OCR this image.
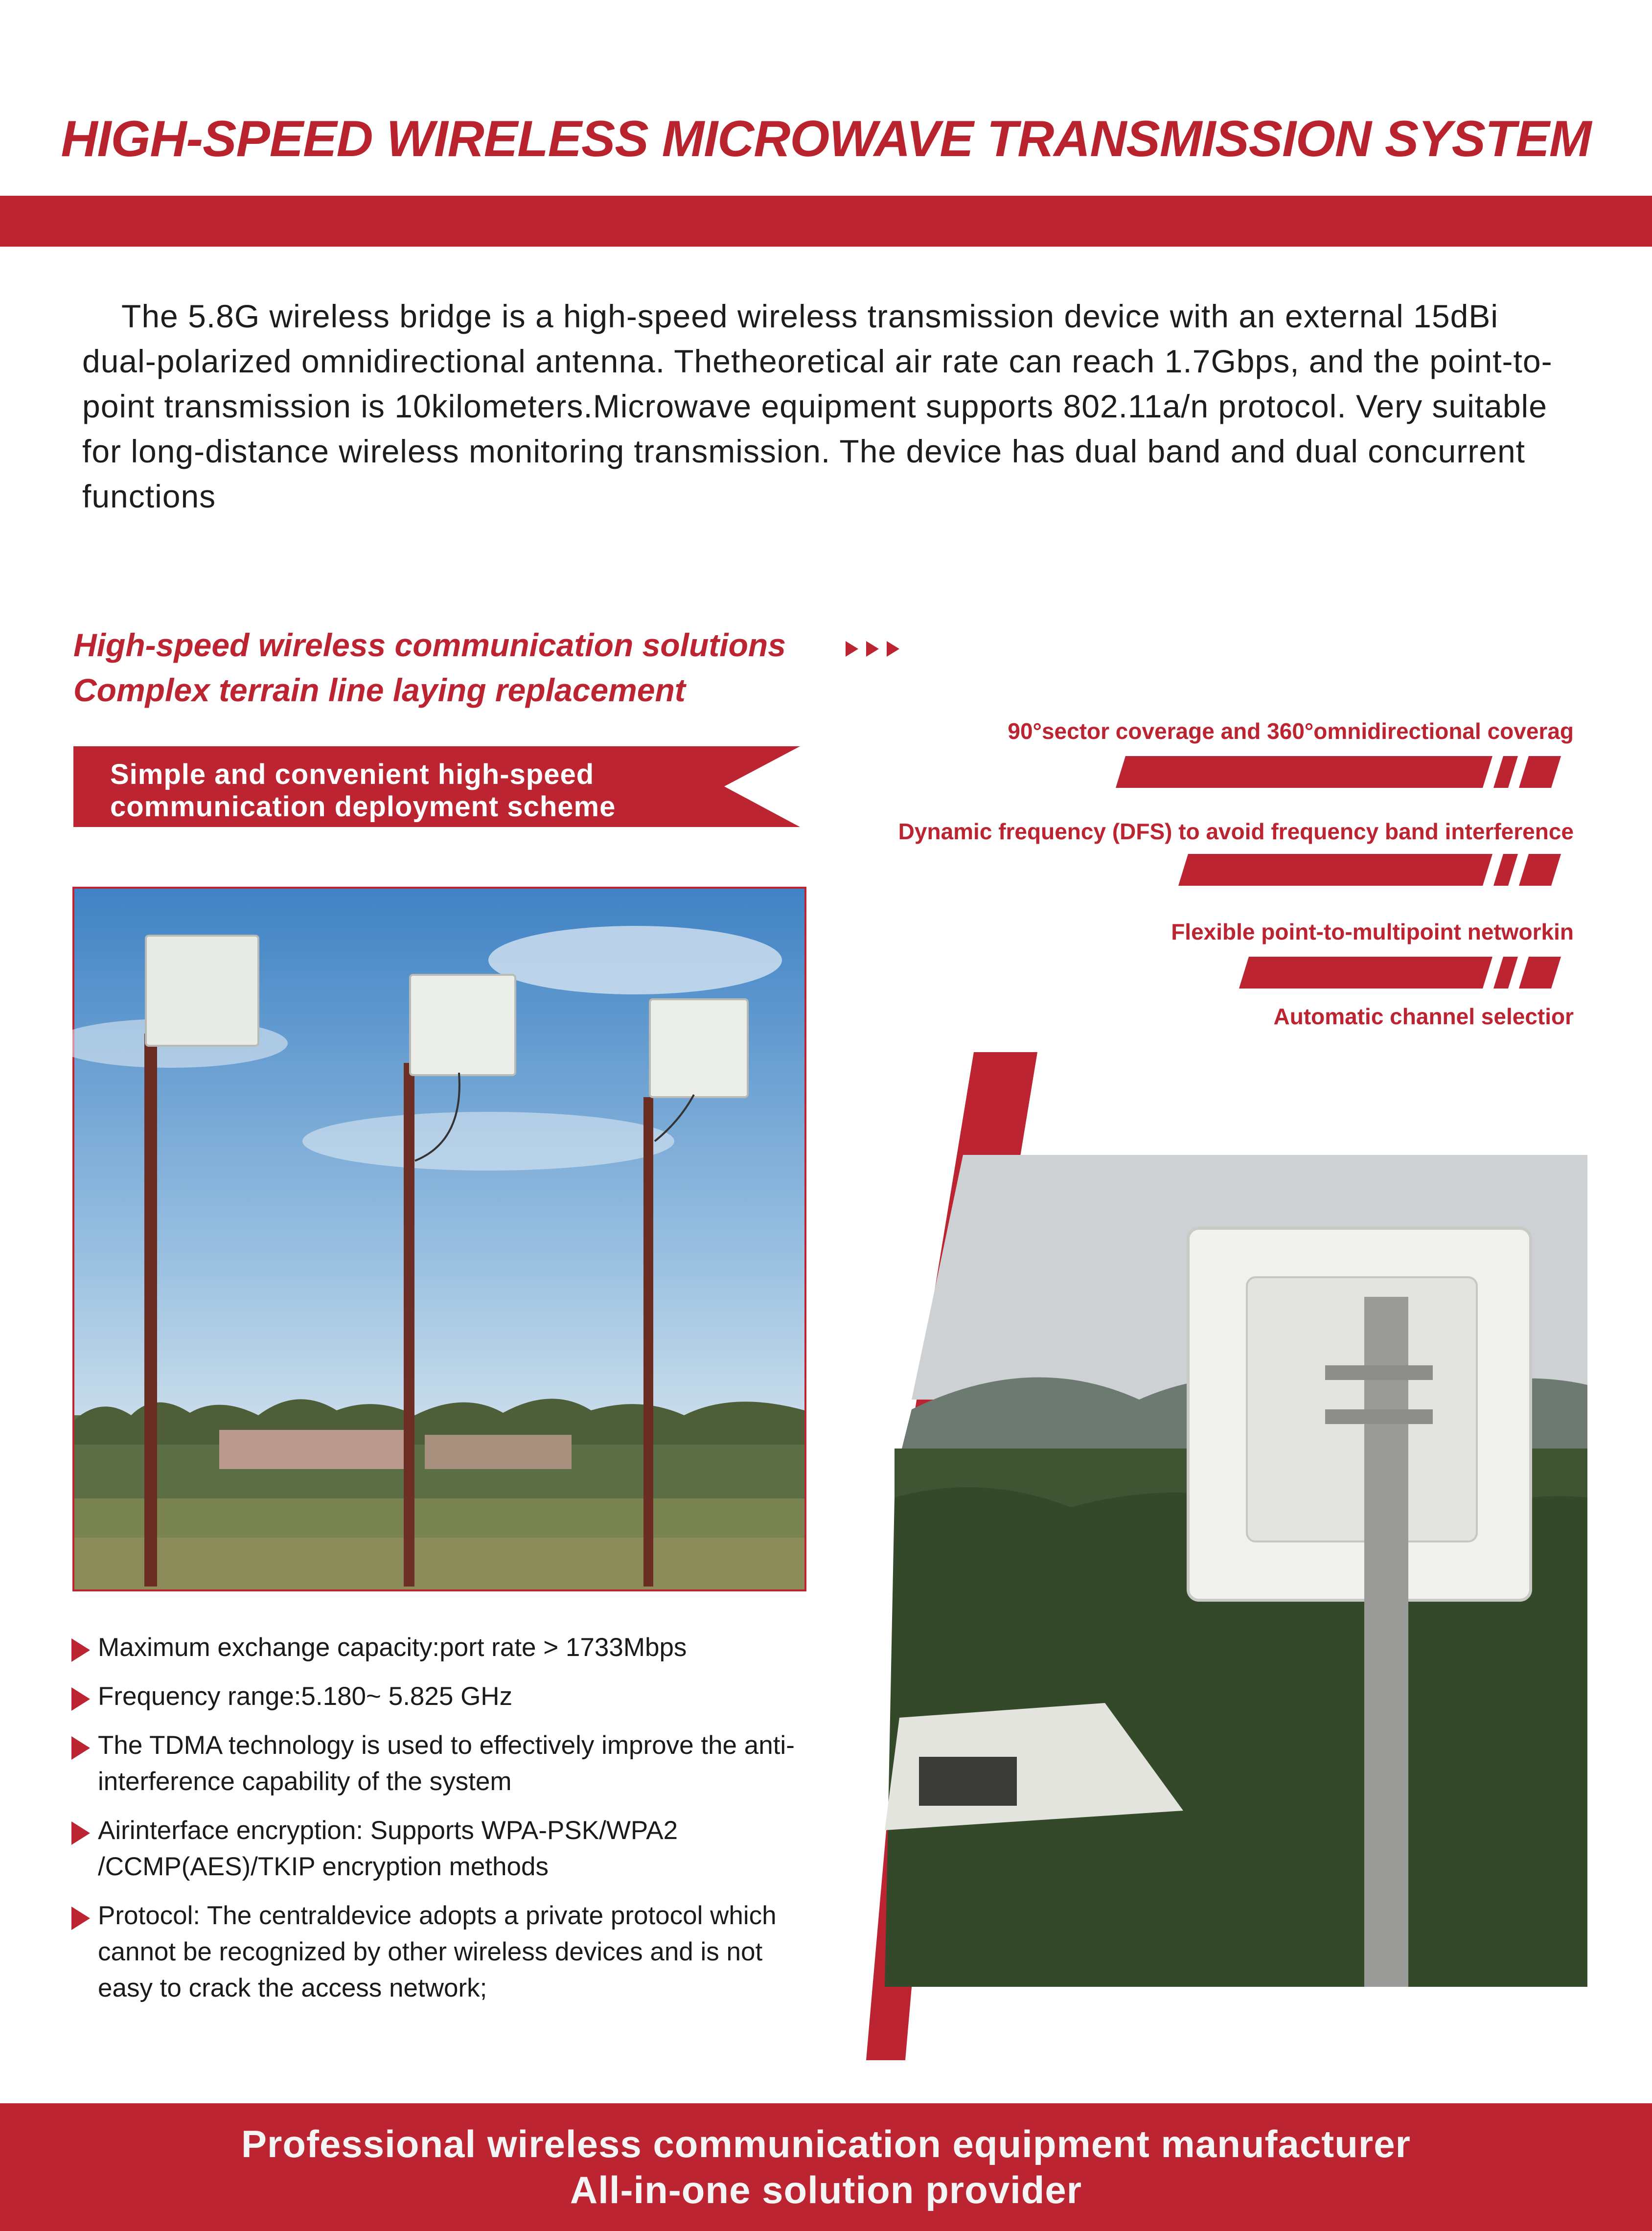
HIGH-SPEED WIRELESS MICROWAVE TRANSMISSION SYSTEM
The 5.8G wireless bridge is a high-speed wireless transmission device with an external 15dBi dual-polarized omnidirectional antenna. Thetheoretical air rate can reach 1.7Gbps, and the point-to-point transmission is 10kilometers.Microwave equipment supports 802.11a/n protocol. Very suitable for long-distance wireless monitoring transmission. The device has dual band and dual concurrent functions
High-speed wireless communication solutions
Complex terrain line laying replacement
Simple and convenient high-speed
communication deployment scheme
90°sector coverage and 360°omnidirectional coverag
Dynamic frequency (DFS) to avoid frequency band interference
Flexible point-to-multipoint networkin
Automatic channel selectior
Maximum exchange capacity:port rate > 1733Mbps
Frequency range:5.180~ 5.825 GHz
The TDMA technology is used to effectively improve the anti-interference capability of the system
Airinterface encryption: Supports WPA-PSK/WPA2 /CCMP(AES)/TKIP encryption methods
Protocol: The centraldevice adopts a private protocol which cannot be recognized by other wireless devices and is not easy to crack the access network;
Professional wireless communication equipment manufacturer
All-in-one solution provider
